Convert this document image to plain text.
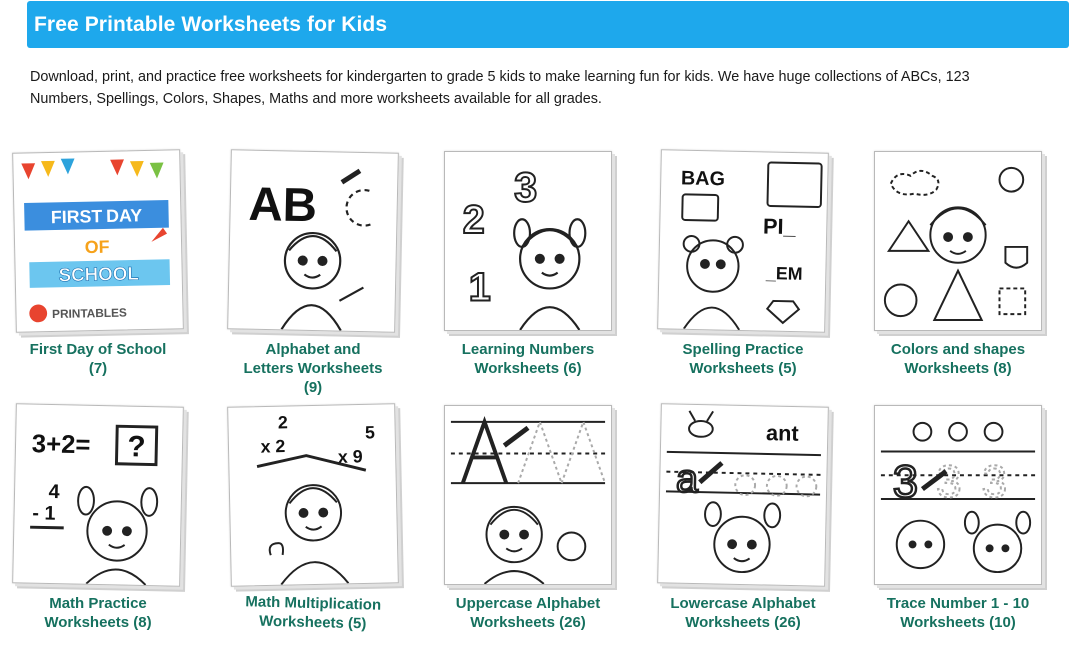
Free Printable Worksheets for Kids

Download, print, and practice free worksheets for kindergarten to grade 5 kids to make learning fun for kids. We have huge collections of ABCs, 123
Numbers, Spellings, Colors, Shapes, Maths and more worksheets available for all grades.

FIRST DAY
OF
SCHOOL
PRINTABLES
First Day of School
(7)
AB
Alphabet and
Letters Worksheets
(9)
2
3
1
Learning Numbers
Worksheets (6)
BAG
PI_
_EM
Spelling Practice
Worksheets (5)
Colors and shapes
Worksheets (8)
3+2= ?
4
- 1
Math Practice
Worksheets (8)
2
x 2
5
x 9
Math Multiplication
Worksheets (5)
A
Uppercase Alphabet
Worksheets (26)
ant
a
Lowercase Alphabet
Worksheets (26)
3 3 3
Trace Number 1 - 10
Worksheets (10)
